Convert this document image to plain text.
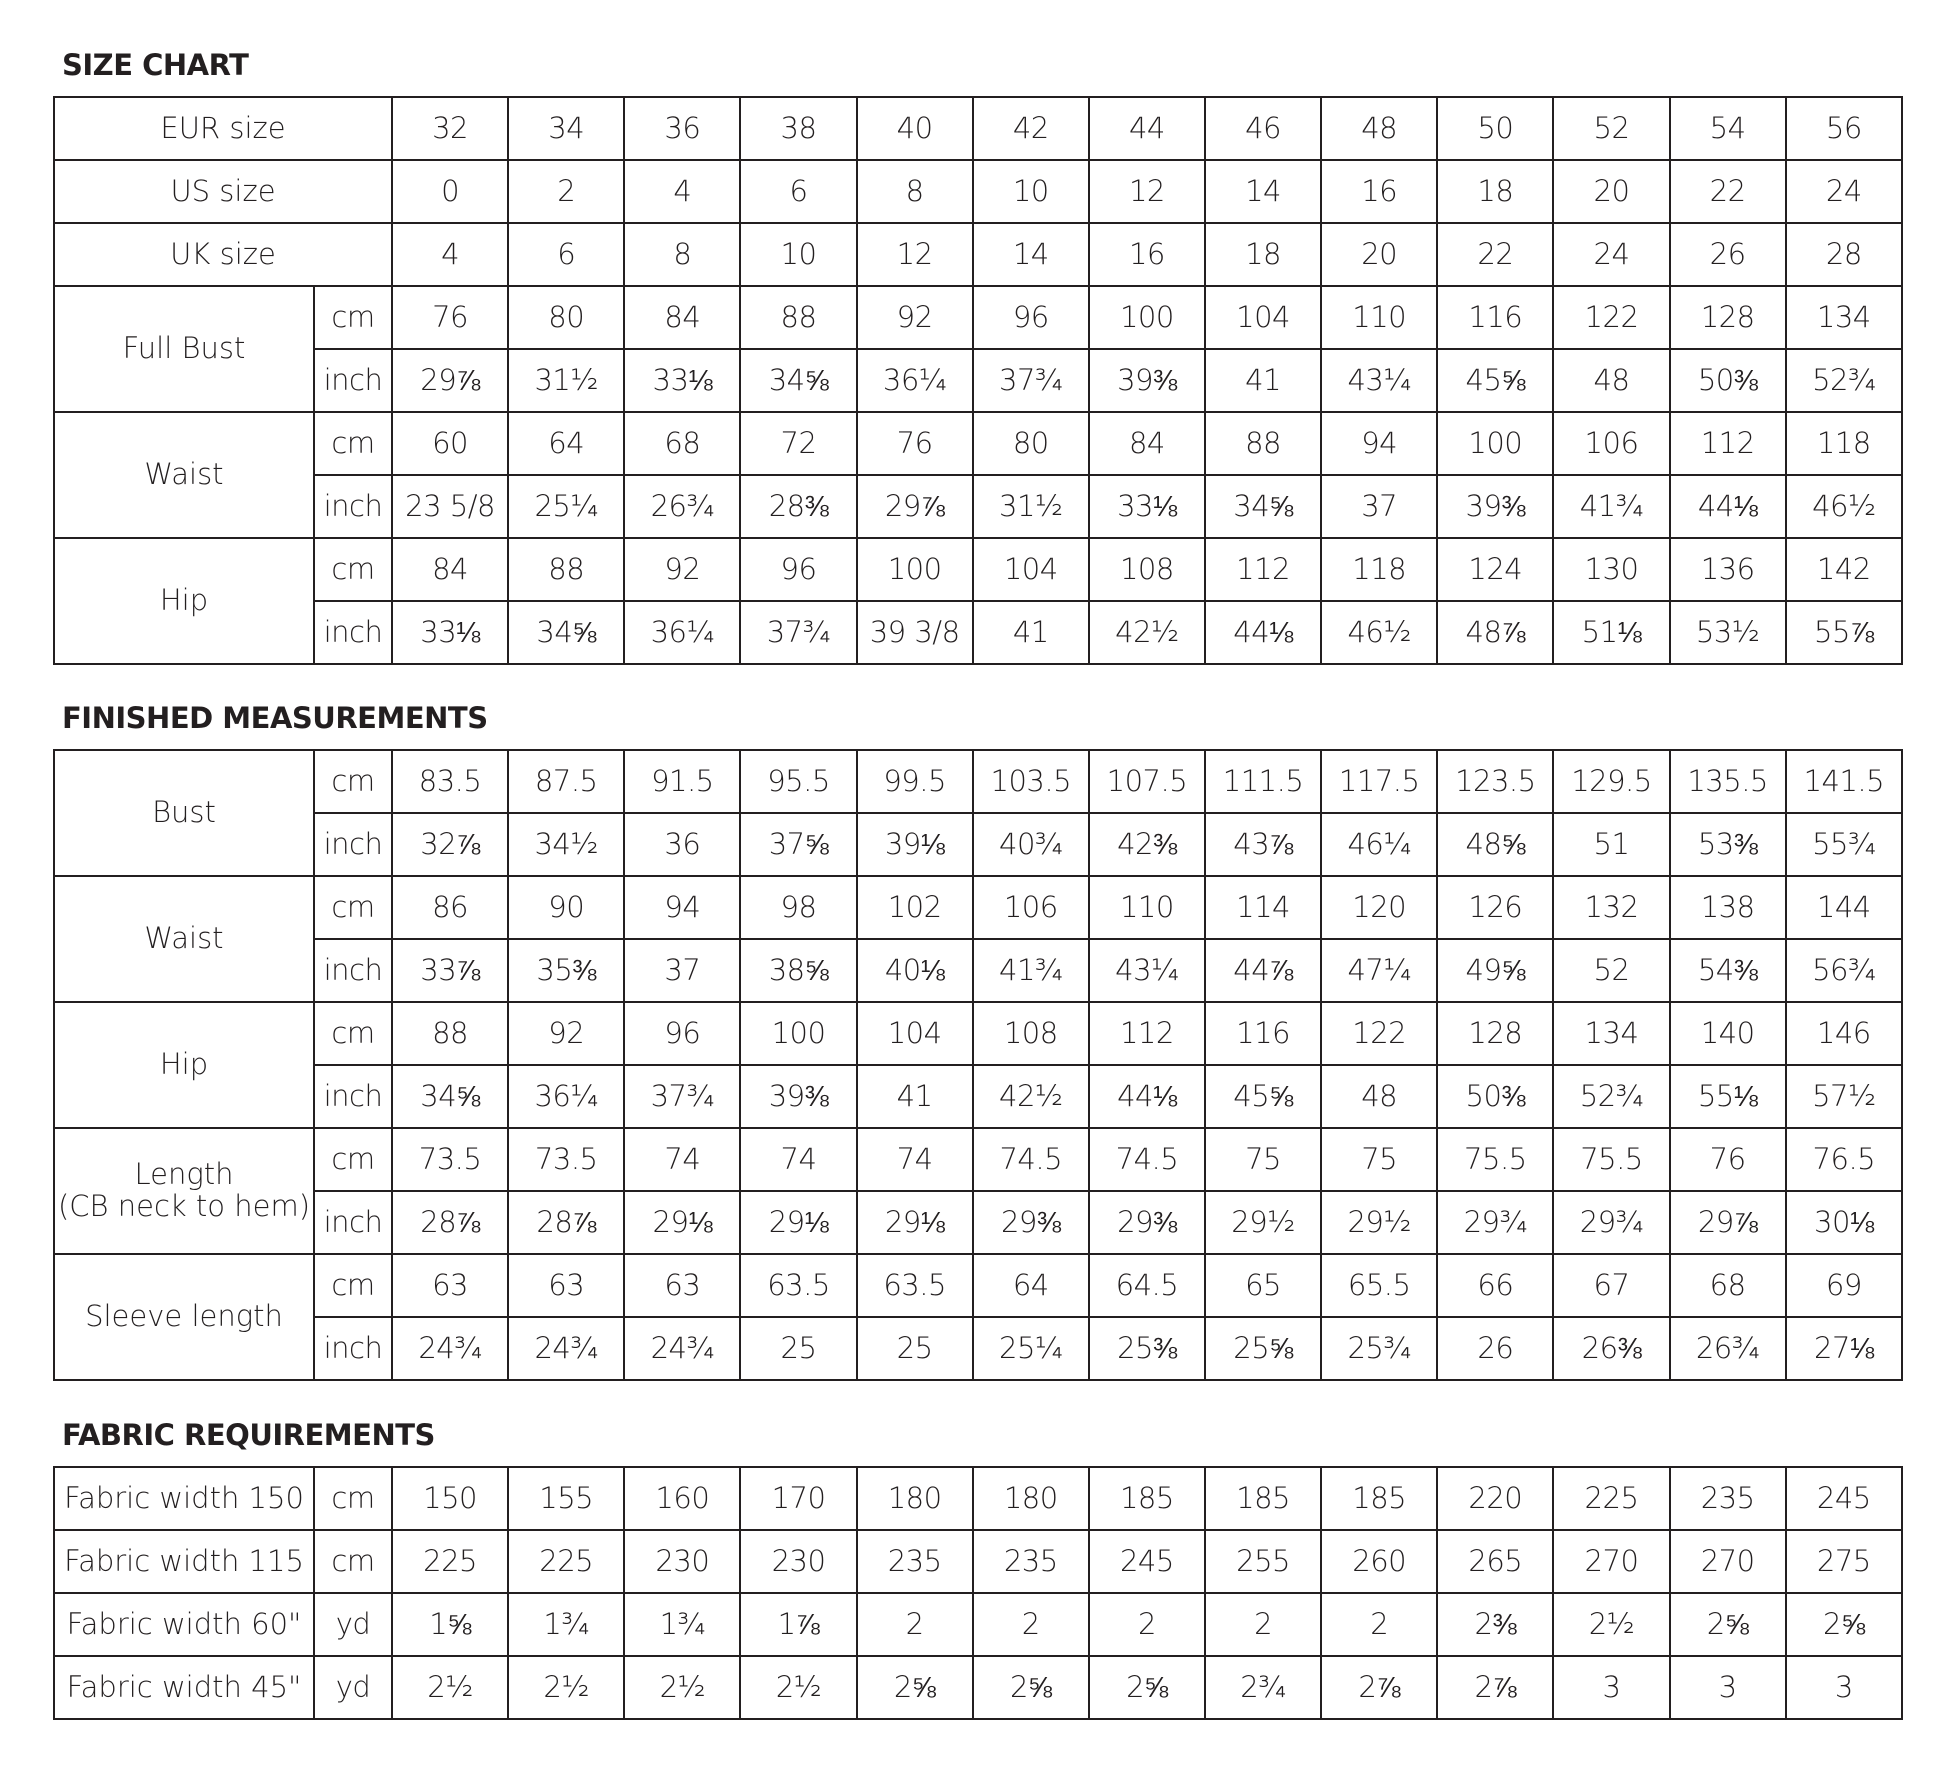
SIZE CHART
EUR size		32	34	36	38	40	42	44	46	48	50	52	54	56
US size		0	2	4	6	8	10	12	14	16	18	20	22	24
UK size		4	6	8	10	12	14	16	18	20	22	24	26	28
Full Bust	cm	76	80	84	88	92	96	100	104	110	116	122	128	134
	inch	29⅞	31½	33⅛	34⅝	36¼	37¾	39⅜	41	43¼	45⅝	48	50⅜	52¾
Waist	cm	60	64	68	72	76	80	84	88	94	100	106	112	118
	inch	23 5/8	25¼	26¾	28⅜	29⅞	31½	33⅛	34⅝	37	39⅜	41¾	44⅛	46½
Hip	cm	84	88	92	96	100	104	108	112	118	124	130	136	142
	inch	33⅛	34⅝	36¼	37¾	39 3/8	41	42½	44⅛	46½	48⅞	51⅛	53½	55⅞
FINISHED MEASUREMENTS
Bust	cm	83.5	87.5	91.5	95.5	99.5	103.5	107.5	111.5	117.5	123.5	129.5	135.5	141.5
	inch	32⅞	34½	36	37⅝	39⅛	40¾	42⅜	43⅞	46¼	48⅝	51	53⅜	55¾

Waist	cm	86	90	94	98	102	106	110	114	120	126	132	138	144
	inch	33⅞	35⅜	37	38⅝	40⅛	41¾	43¼	44⅞	47¼	49⅝	52	54⅜	56¾

Hip	cm	88	92	96	100	104	108	112	116	122	128	134	140	146
	inch	34⅝	36¼	37¾	39⅜	41	42½	44⅛	45⅝	48	50⅜	52¾	55⅛	57½

Length
(CB neck to hem)	cm	73.5	73.5	74	74	74	74.5	74.5	75	75	75.5	75.5	76	76.5
	inch	28⅞	28⅞	29⅛	29⅛	29⅛	29⅜	29⅜	29½	29½	29¾	29¾	29⅞	30⅛

Sleeve length	cm	63	63	63	63.5	63.5	64	64.5	65	65.5	66	67	68	69
	inch	24¾	24¾	24¾	25	25	25¼	25⅜	25⅝	25¾	26	26⅜	26¾	27⅛
FABRIC REQUIREMENTS
Fabric width 150	cm	150	155	160	170	180	180	185	185	185	220	225	235	245
Fabric width 115	cm	225	225	230	230	235	235	245	255	260	265	270	270	275
Fabric width 60"	yd	1⅝	1¾	1¾	1⅞	2	2	2	2	2	2⅜	2½	2⅝	2⅝
Fabric width 45"	yd	2½	2½	2½	2½	2⅝	2⅝	2⅝	2¾	2⅞	2⅞	3	3	3
